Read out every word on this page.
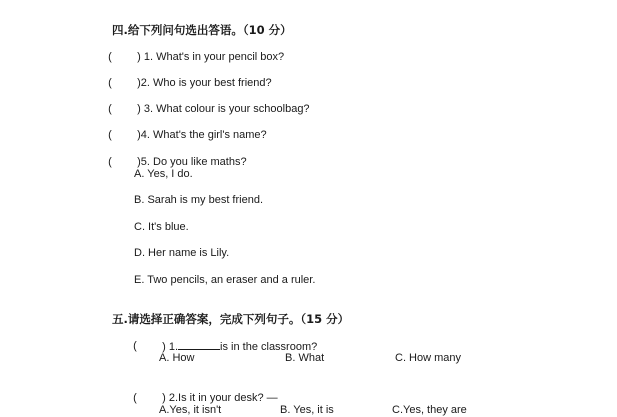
四.给下列问句选出答语。（10 分）

(	) 1. What's in your pencil box?

(	)2. Who is your best friend?

(	) 3. What colour is your schoolbag?

(	)4. What's the girl's name?

(	)5. Do you like maths?

A. Yes, I do.
B. Sarah is my best friend.
C. It's blue.
D. Her name is Lily.
E. Two pencils, an eraser and a ruler.

五.请选择正确答案，完成下列句子。（15 分）

(	) 1.	is in the classroom?

A. How	B. What	C. How many

(	) 2.Is it in your desk? —

A.Yes, it isn't	B. Yes, it is	C.Yes, they are
